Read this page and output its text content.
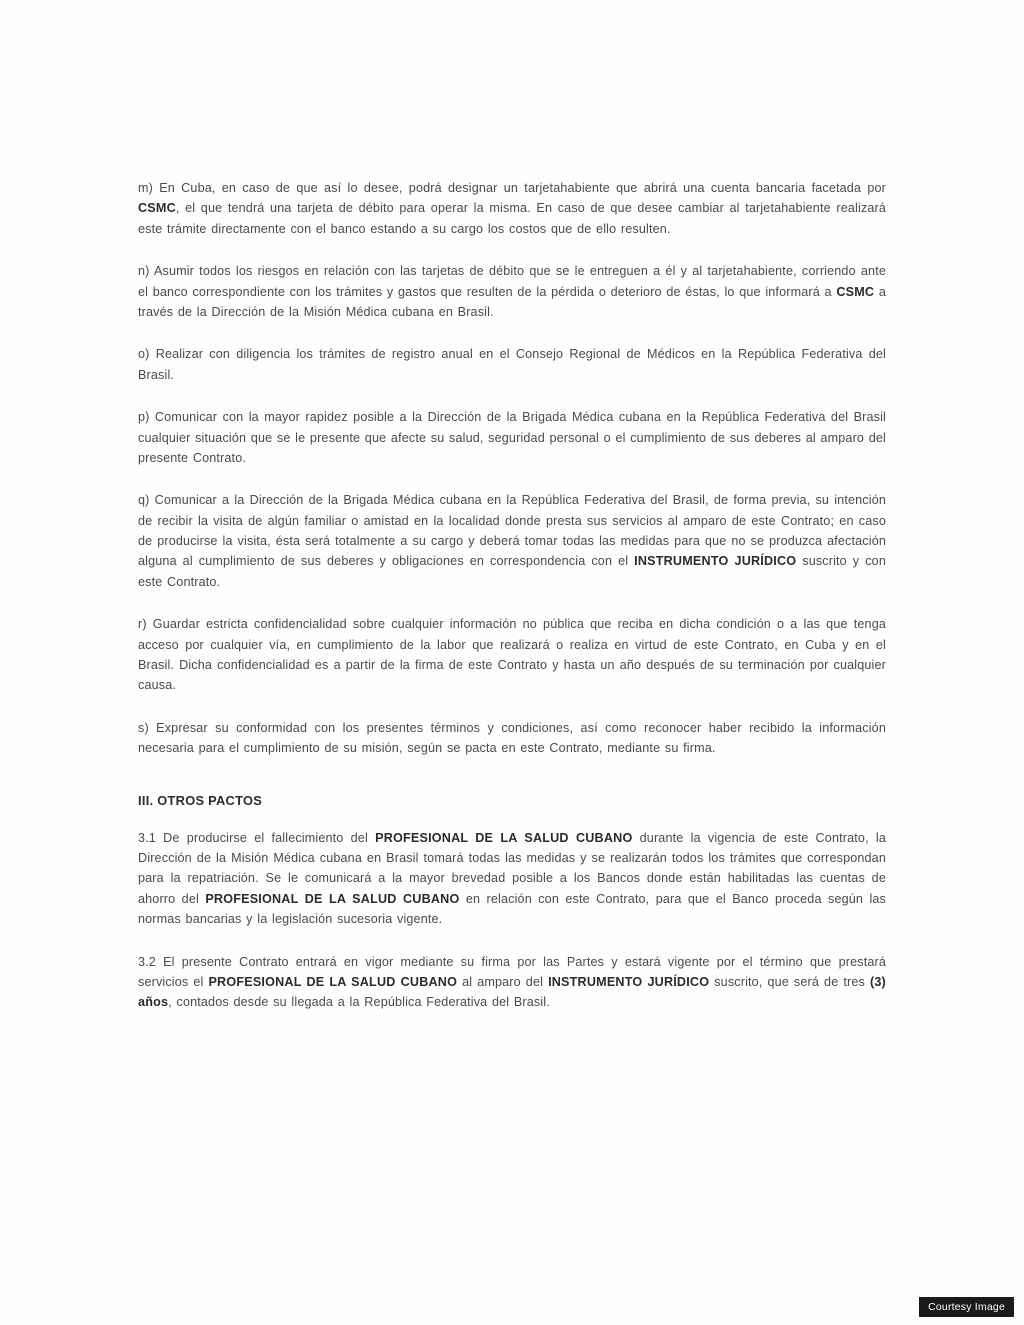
m) En Cuba, en caso de que así lo desee, podrá designar un tarjetahabiente que abrirá una cuenta bancaria facetada por CSMC, el que tendrá una tarjeta de débito para operar la misma. En caso de que desee cambiar al tarjetahabiente realizará este trámite directamente con el banco estando a su cargo los costos que de ello resulten.
n) Asumir todos los riesgos en relación con las tarjetas de débito que se le entreguen a él y al tarjetahabiente, corriendo ante el banco correspondiente con los trámites y gastos que resulten de la pérdida o deterioro de éstas, lo que informará a CSMC a través de la Dirección de la Misión Médica cubana en Brasil.
o) Realizar con diligencia los trámites de registro anual en el Consejo Regional de Médicos en la República Federativa del Brasil.
p) Comunicar con la mayor rapidez posible a la Dirección de la Brigada Médica cubana en la República Federativa del Brasil cualquier situación que se le presente que afecte su salud, seguridad personal o el cumplimiento de sus deberes al amparo del presente Contrato.
q) Comunicar a la Dirección de la Brigada Médica cubana en la República Federativa del Brasil, de forma previa, su intención de recibir la visita de algún familiar o amistad en la localidad donde presta sus servicios al amparo de este Contrato; en caso de producirse la visita, ésta será totalmente a su cargo y deberá tomar todas las medidas para que no se produzca afectación alguna al cumplimiento de sus deberes y obligaciones en correspondencia con el INSTRUMENTO JURÍDICO suscrito y con este Contrato.
r) Guardar estricta confidencialidad sobre cualquier información no pública que reciba en dicha condición o a las que tenga acceso por cualquier vía, en cumplimiento de la labor que realizará o realiza en virtud de este Contrato, en Cuba y en el Brasil. Dicha confidencialidad es a partir de la firma de este Contrato y hasta un año después de su terminación por cualquier causa.
s) Expresar su conformidad con los presentes términos y condiciones, así como reconocer haber recibido la información necesaria para el cumplimiento de su misión, según se pacta en este Contrato, mediante su firma.
III. OTROS PACTOS
3.1 De producirse el fallecimiento del PROFESIONAL DE LA SALUD CUBANO durante la vigencia de este Contrato, la Dirección de la Misión Médica cubana en Brasil tomará todas las medidas y se realizarán todos los trámites que correspondan para la repatriación. Se le comunicará a la mayor brevedad posible a los Bancos donde están habilitadas las cuentas de ahorro del PROFESIONAL DE LA SALUD CUBANO en relación con este Contrato, para que el Banco proceda según las normas bancarias y la legislación sucesoria vigente.
3.2 El presente Contrato entrará en vigor mediante su firma por las Partes y estará vigente por el término que prestará servicios el PROFESIONAL DE LA SALUD CUBANO al amparo del INSTRUMENTO JURÍDICO suscrito, que será de tres (3) años, contados desde su llegada a la República Federativa del Brasil.
Courtesy Image
